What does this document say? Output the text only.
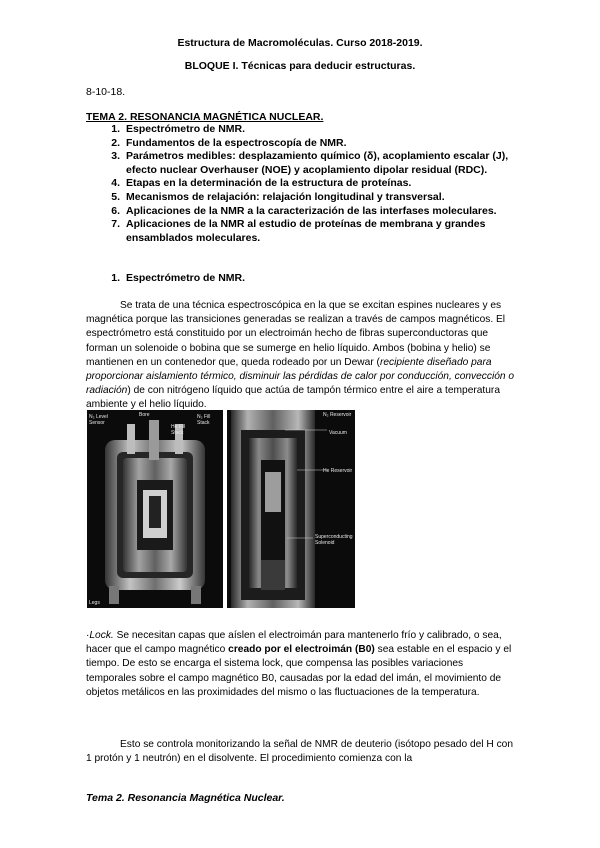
Estructura de Macromoléculas. Curso 2018-2019.
BLOQUE I. Técnicas para deducir estructuras.
8-10-18.
TEMA 2. RESONANCIA MAGNÉTICA NUCLEAR.
1. Espectrómetro de NMR.
2. Fundamentos de la espectroscopía de NMR.
3. Parámetros medibles: desplazamiento químico (δ), acoplamiento escalar (J), efecto nuclear Overhauser (NOE) y acoplamiento dipolar residual (RDC).
4. Etapas en la determinación de la estructura de proteínas.
5. Mecanismos de relajación: relajación longitudinal y transversal.
6. Aplicaciones de la NMR a la caracterización de las interfases moleculares.
7. Aplicaciones de la NMR al estudio de proteínas de membrana y grandes ensamblados moleculares.
1. Espectrómetro de NMR.
Se trata de una técnica espectroscópica en la que se excitan espines nucleares y es magnética porque las transiciones generadas se realizan a través de campos magnéticos. El espectrómetro está constituido por un electroimán hecho de fibras superconductoras que forman un solenoide o bobina que se sumerge en helio líquido. Ambos (bobina y helio) se mantienen en un contenedor que, queda rodeado por un Dewar (recipiente diseñado para proporcionar aislamiento térmico, disminuir las pérdidas de calor por conducción, convección o radiación) de con nitrógeno líquido que actúa de tampón térmico entre el aire a temperatura ambiente y el helio líquido.
N₂ Level Sensor
Bore
He Fill Stack
N₂ Fill Stack
Legs
N₂ Reservoir
Vacuum
He Reservoir
Superconducting Solenoid
·Lock. Se necesitan capas que aíslen el electroimán para mantenerlo frío y calibrado, o sea, hacer que el campo magnético creado por el electroimán (B0) sea estable en el espacio y el tiempo. De esto se encarga el sistema lock, que compensa las posibles variaciones temporales sobre el campo magnético B0, causadas por la edad del imán, el movimiento de objetos metálicos en las proximidades del mismo o las fluctuaciones de la temperatura.
Esto se controla monitorizando la señal de NMR de deuterio (isótopo pesado del H con 1 protón y 1 neutrón) en el disolvente. El procedimiento comienza con la
Tema 2. Resonancia Magnética Nuclear.
